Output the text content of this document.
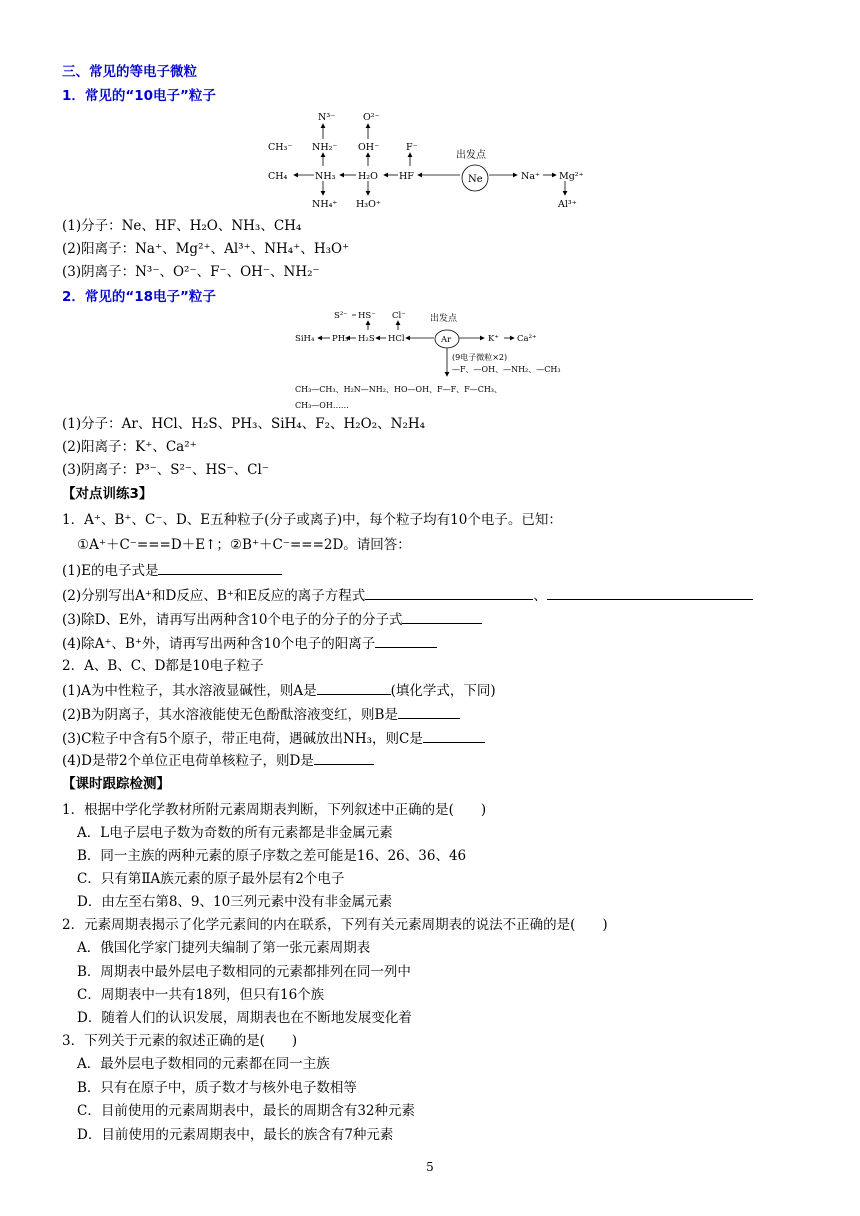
三、常见的等电子微粒
1．常见的“10电子”粒子
N³⁻	O²⁻
CH₃⁻ NH₂⁻ OH⁻	F⁻
出发点
CH₄	NH₃ H₂O HF	Ne	Na⁺ Mg²⁺
NH₄⁺ H₃O⁺	Al³⁺
(1)分子：Ne、HF、H₂O、NH₃、CH₄
(2)阳离子：Na⁺、Mg²⁺、Al³⁺、NH₄⁺、H₃O⁺
(3)阴离子：N³⁻、O²⁻、F⁻、OH⁻、NH₂⁻
2．常见的“18电子”粒子
S²⁻ HS⁻ Cl⁻	出发点
SiH₄ PH₃ H₂S HCl	Ar	K⁺ Ca²⁺
(9电子微粒×2)
—F、—OH、—NH₂、—CH₃
CH₃—CH₃、H₂N—NH₂、HO—OH、F—F、F—CH₃、
CH₃—OH……
(1)分子：Ar、HCl、H₂S、PH₃、SiH₄、F₂、H₂O₂、N₂H₄
(2)阳离子：K⁺、Ca²⁺
(3)阴离子：P³⁻、S²⁻、HS⁻、Cl⁻
【对点训练3】
1．A⁺、B⁺、C⁻、D、E五种粒子(分子或离子)中，每个粒子均有10个电子。已知：
①A⁺＋C⁻===D＋E↑；②B⁺＋C⁻===2D。请回答：
(1)E的电子式是
(2)分别写出A⁺和D反应、B⁺和E反应的离子方程式	、
(3)除D、E外，请再写出两种含10个电子的分子的分子式
(4)除A⁺、B⁺外，请再写出两种含10个电子的阳离子
2．A、B、C、D都是10电子粒子
(1)A为中性粒子，其水溶液显碱性，则A是	(填化学式，下同)
(2)B为阴离子，其水溶液能使无色酚酞溶液变红，则B是
(3)C粒子中含有5个原子，带正电荷，遇碱放出NH₃，则C是
(4)D是带2个单位正电荷单核粒子，则D是
【课时跟踪检测】
1．根据中学化学教材所附元素周期表判断，下列叙述中正确的是(　　)
A．L电子层电子数为奇数的所有元素都是非金属元素
B．同一主族的两种元素的原子序数之差可能是16、26、36、46
C．只有第ⅡA族元素的原子最外层有2个电子
D．由左至右第8、9、10三列元素中没有非金属元素
2．元素周期表揭示了化学元素间的内在联系，下列有关元素周期表的说法不正确的是(　　)
A．俄国化学家门捷列夫编制了第一张元素周期表
B．周期表中最外层电子数相同的元素都排列在同一列中
C．周期表中一共有18列，但只有16个族
D．随着人们的认识发展，周期表也在不断地发展变化着
3．下列关于元素的叙述正确的是(　　)
A．最外层电子数相同的元素都在同一主族
B．只有在原子中，质子数才与核外电子数相等
C．目前使用的元素周期表中，最长的周期含有32种元素
D．目前使用的元素周期表中，最长的族含有7种元素
5
